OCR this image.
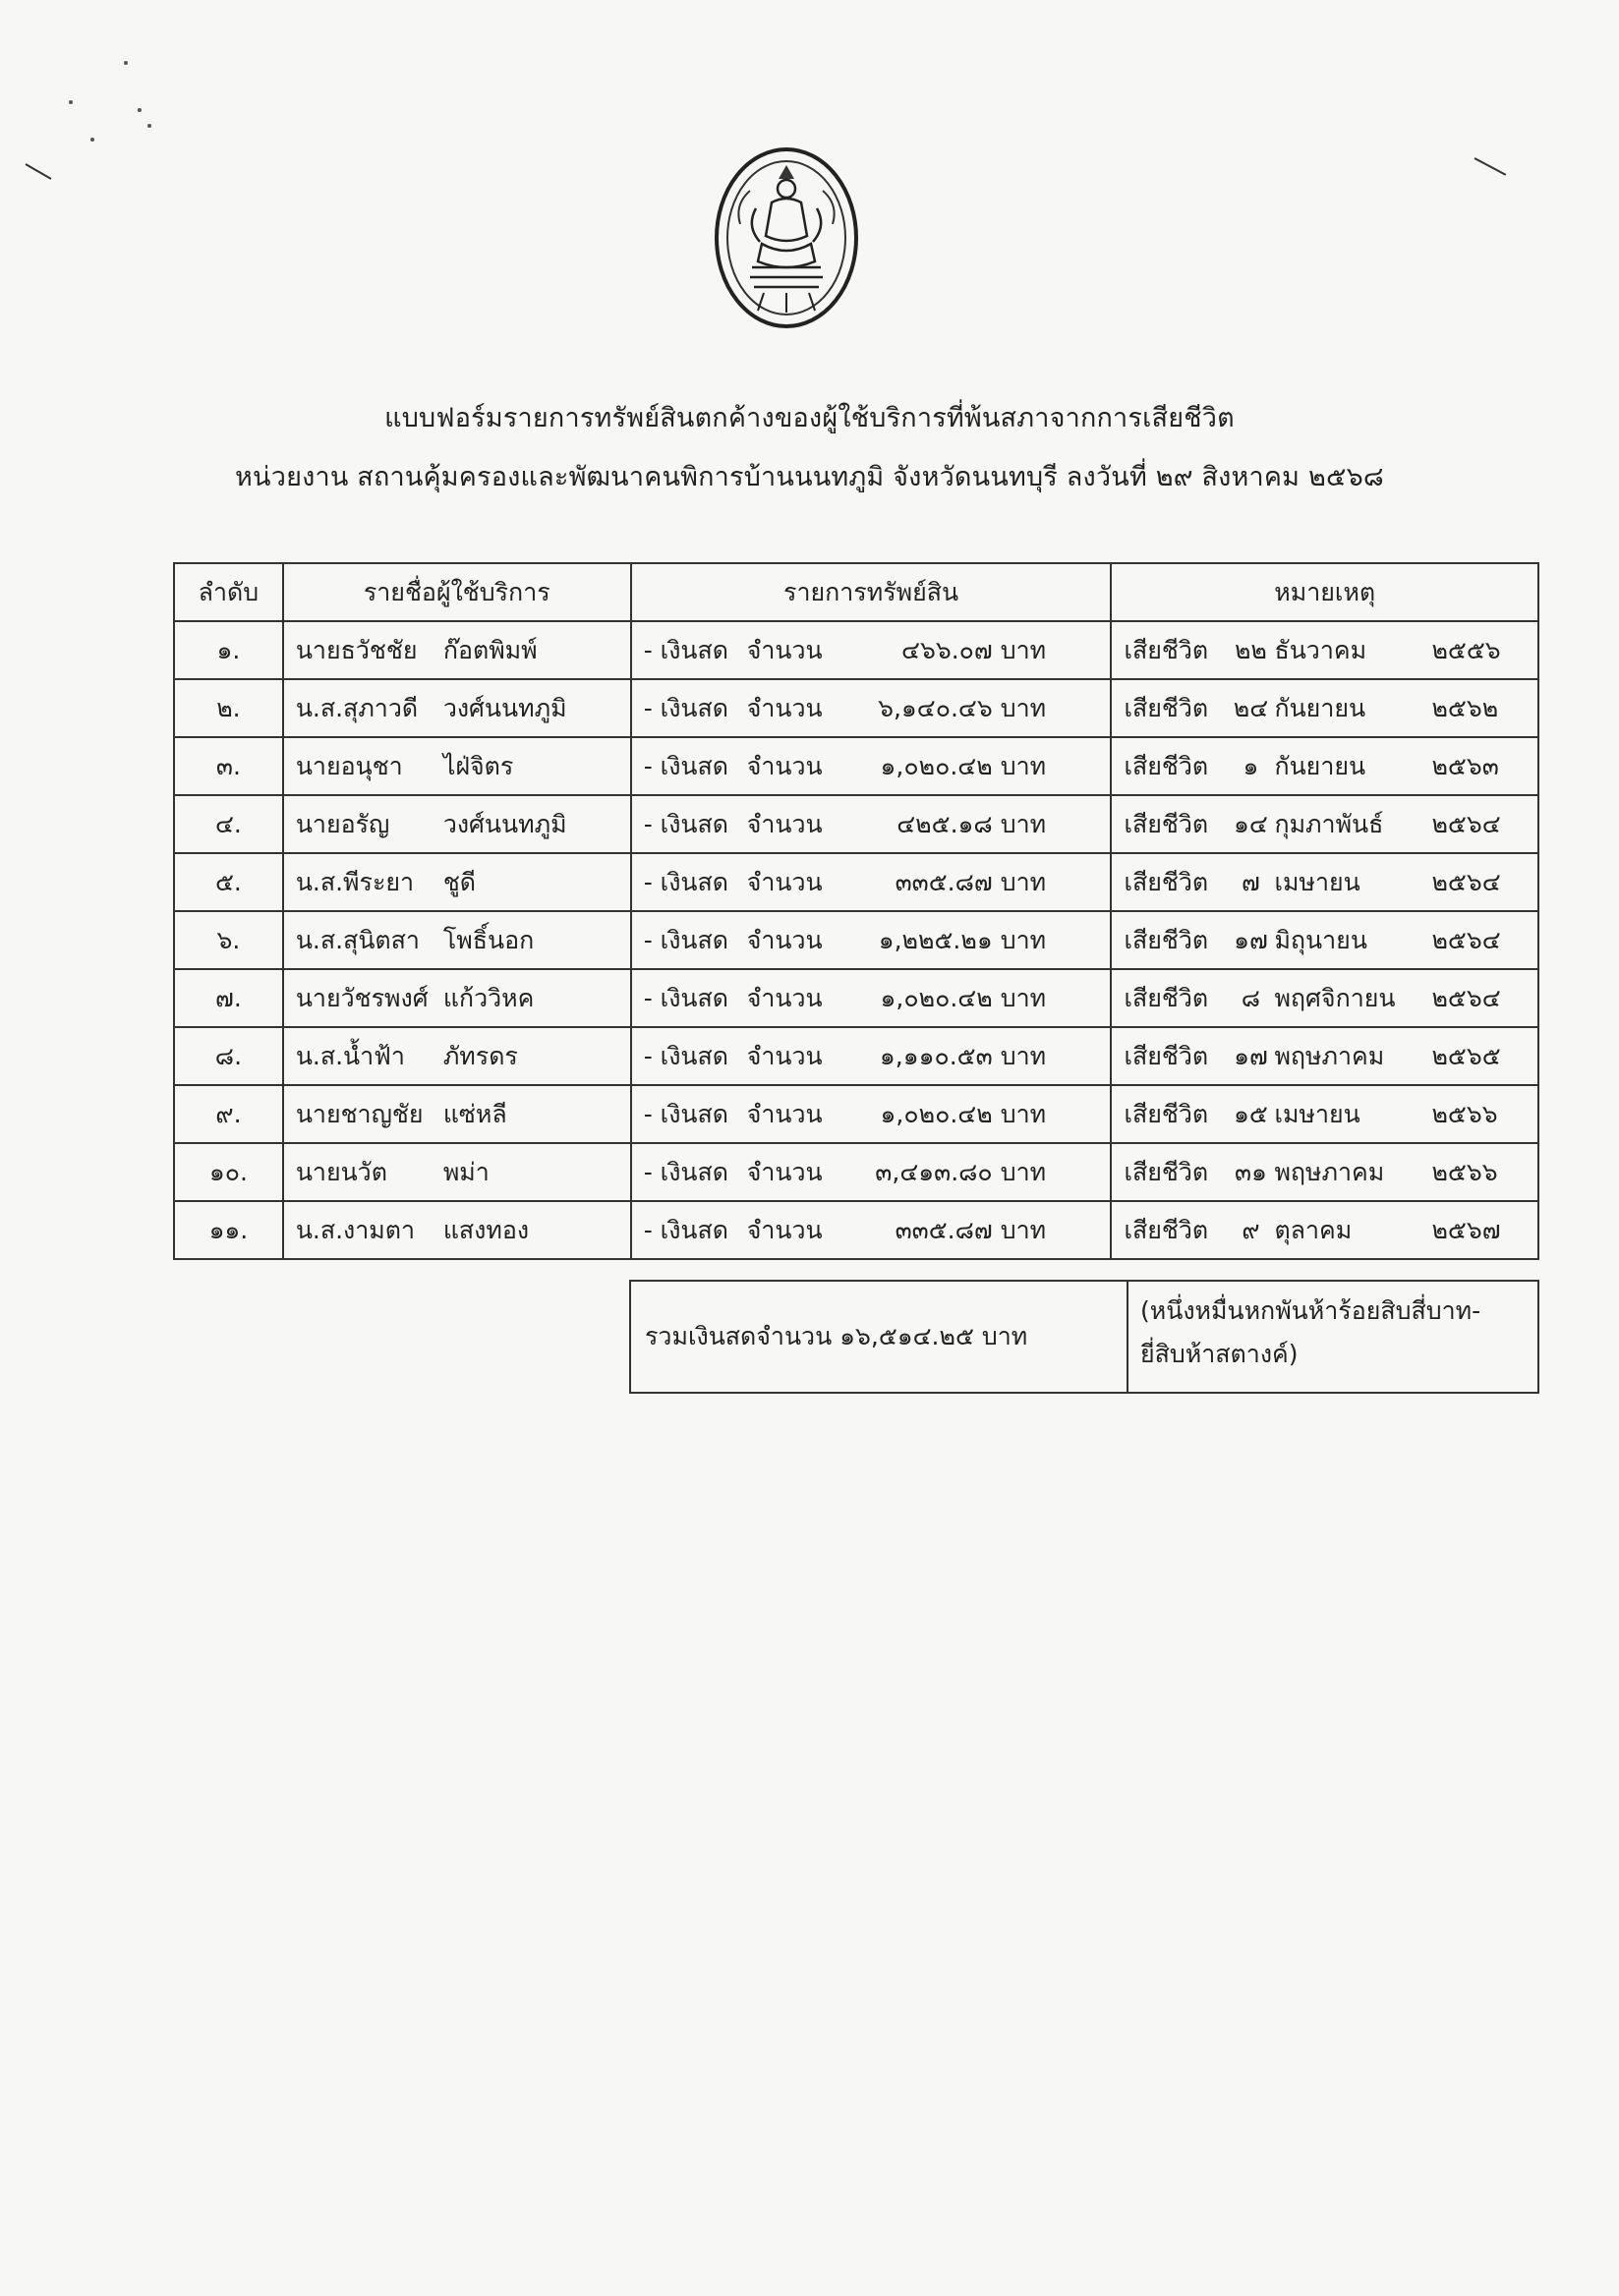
แบบฟอร์มรายการทรัพย์สินตกค้างของผู้ใช้บริการที่พ้นสภาจากการเสียชีวิต
หน่วยงาน สถานคุ้มครองและพัฒนาคนพิการบ้านนนทภูมิ จังหวัดนนทบุรี ลงวันที่ ๒๙ สิงหาคม ๒๕๖๘
ลำดับ	รายชื่อผู้ใช้บริการ	รายการทรัพย์สิน	หมายเหตุ
๑.	นายธวัชชัย ก๊อตพิมพ์	- เงินสด จำนวน ๔๖๖.๐๗ บาท	เสียชีวิต ๒๒ ธันวาคม ๒๕๕๖
๒.	น.ส.สุภาวดี วงศ์นนทภูมิ	- เงินสด จำนวน ๖,๑๔๐.๔๖ บาท	เสียชีวิต ๒๔ กันยายน ๒๕๖๒
๓.	นายอนุชา ไฝ่จิตร	- เงินสด จำนวน ๑,๐๒๐.๔๒ บาท	เสียชีวิต ๑ กันยายน ๒๕๖๓
๔.	นายอรัญ วงศ์นนทภูมิ	- เงินสด จำนวน ๔๒๕.๑๘ บาท	เสียชีวิต ๑๔ กุมภาพันธ์ ๒๕๖๔
๕.	น.ส.พีระยา ชูดี	- เงินสด จำนวน ๓๓๕.๘๗ บาท	เสียชีวิต ๗ เมษายน ๒๕๖๔
๖.	น.ส.สุนิตสา โพธิ์นอก	- เงินสด จำนวน ๑,๒๒๕.๒๑ บาท	เสียชีวิต ๑๗ มิถุนายน ๒๕๖๔
๗.	นายวัชรพงศ์ แก้ววิหค	- เงินสด จำนวน ๑,๐๒๐.๔๒ บาท	เสียชีวิต ๘ พฤศจิกายน ๒๕๖๔
๘.	น.ส.น้ำฟ้า ภัทรดร	- เงินสด จำนวน ๑,๑๑๐.๕๓ บาท	เสียชีวิต ๑๗ พฤษภาคม ๒๕๖๕
๙.	นายชาญชัย แซ่หลี	- เงินสด จำนวน ๑,๐๒๐.๔๒ บาท	เสียชีวิต ๑๕ เมษายน ๒๕๖๖
๑๐.	นายนวัต พม่า	- เงินสด จำนวน ๓,๔๑๓.๘๐ บาท	เสียชีวิต ๓๑ พฤษภาคม ๒๕๖๖
๑๑.	น.ส.งามตา แสงทอง	- เงินสด จำนวน ๓๓๕.๘๗ บาท	เสียชีวิต ๙ ตุลาคม ๒๕๖๗
รวมเงินสดจำนวน ๑๖,๕๑๔.๒๕ บาท
(หนึ่งหมื่นหกพันห้าร้อยสิบสี่บาท-
ยี่สิบห้าสตางค์)
